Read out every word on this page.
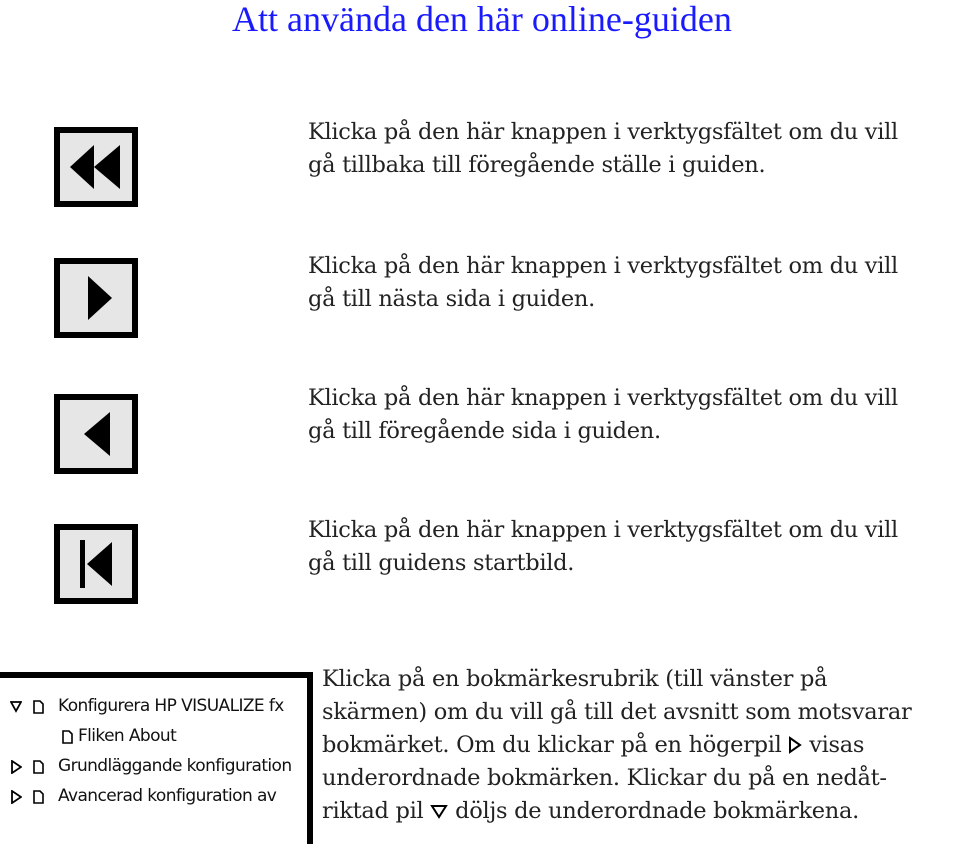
Att använda den här online-guiden
Klicka på den här knappen i verktygsfältet om du vill
gå tillbaka till föregående ställe i guiden.
Klicka på den här knappen i verktygsfältet om du vill
gå till nästa sida i guiden.
Klicka på den här knappen i verktygsfältet om du vill
gå till föregående sida i guiden.
Klicka på den här knappen i verktygsfältet om du vill
gå till guidens startbild.
Konfigurera HP VISUALIZE fx
Fliken About
Grundläggande konfiguration
Avancerad konfiguration av
Klicka på en bokmärkesrubrik (till vänster på
skärmen) om du vill gå till det avsnitt som motsvarar
bokmärket. Om du klickar på en högerpil visas
underordnade bokmärken. Klickar du på en nedåt-
riktad pil döljs de underordnade bokmärkena.
